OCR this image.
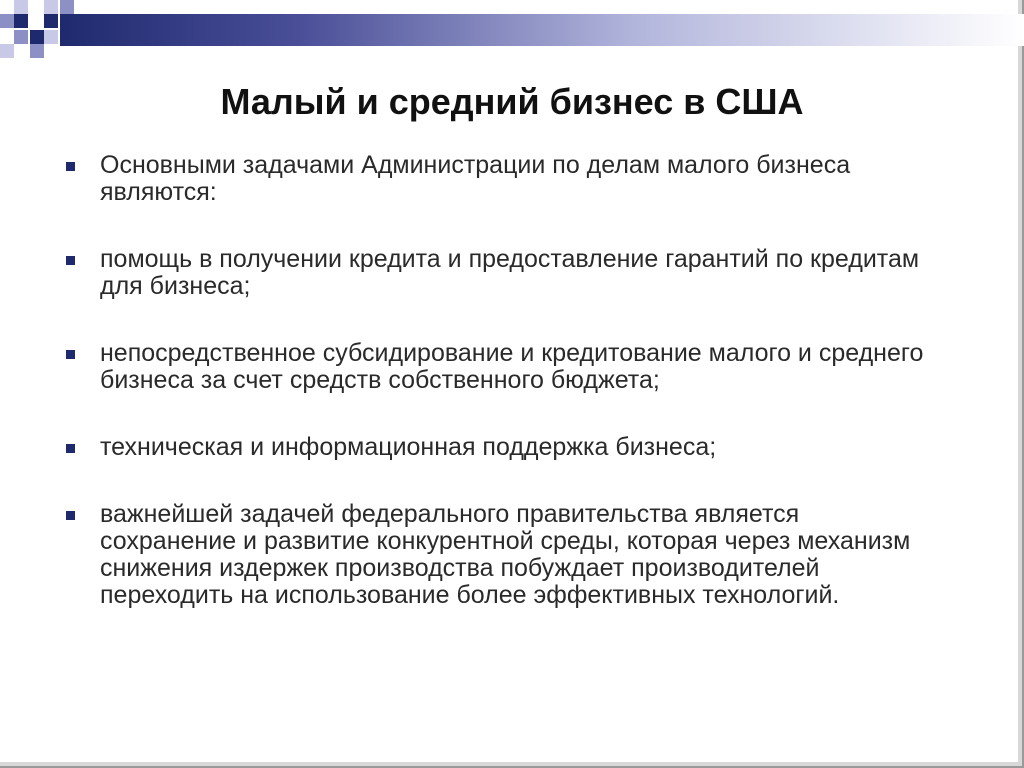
Малый и средний бизнес в США
Основными задачами Администрации по делам малого бизнеса являются:
помощь в получении кредита и предоставление гарантий по кредитам для бизнеса;
непосредственное субсидирование и кредитование малого и среднего бизнеса за счет средств собственного бюджета;
техническая и информационная поддержка бизнеса;
важнейшей задачей федерального правительства является сохранение и развитие конкурентной среды, которая через механизм снижения издержек производства побуждает производителей переходить на использование более эффективных технологий.
